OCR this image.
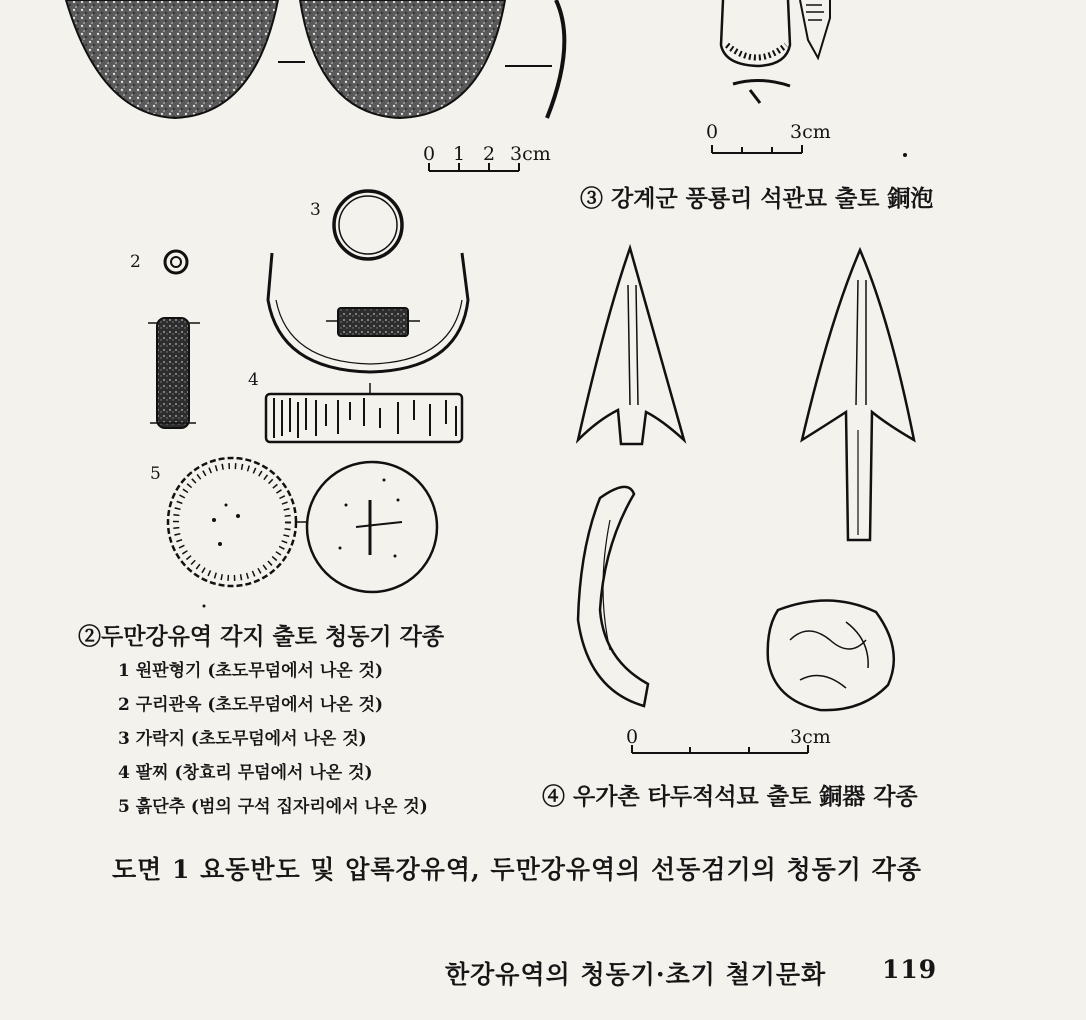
0 1 2 3cm
0	3cm
0	3cm
2
3
4
5
③ 강계군 풍룡리 석관묘 출토 銅泡
②두만강유역 각지 출토 청동기 각종
1 원판형기 (초도무덤에서 나온 것)
2 구리관옥 (초도무덤에서 나온 것)
3 가락지 (초도무덤에서 나온 것)
4 팔찌 (창효리 무덤에서 나온 것)
5 흙단추 (범의 구석 집자리에서 나온 것)	④ 우가촌 타두적석묘 출토 銅器 각종
도면 1 요동반도 및 압록강유역, 두만강유역의 선동검기의 청동기 각종
한강유역의 청동기·초기 철기문화 119
